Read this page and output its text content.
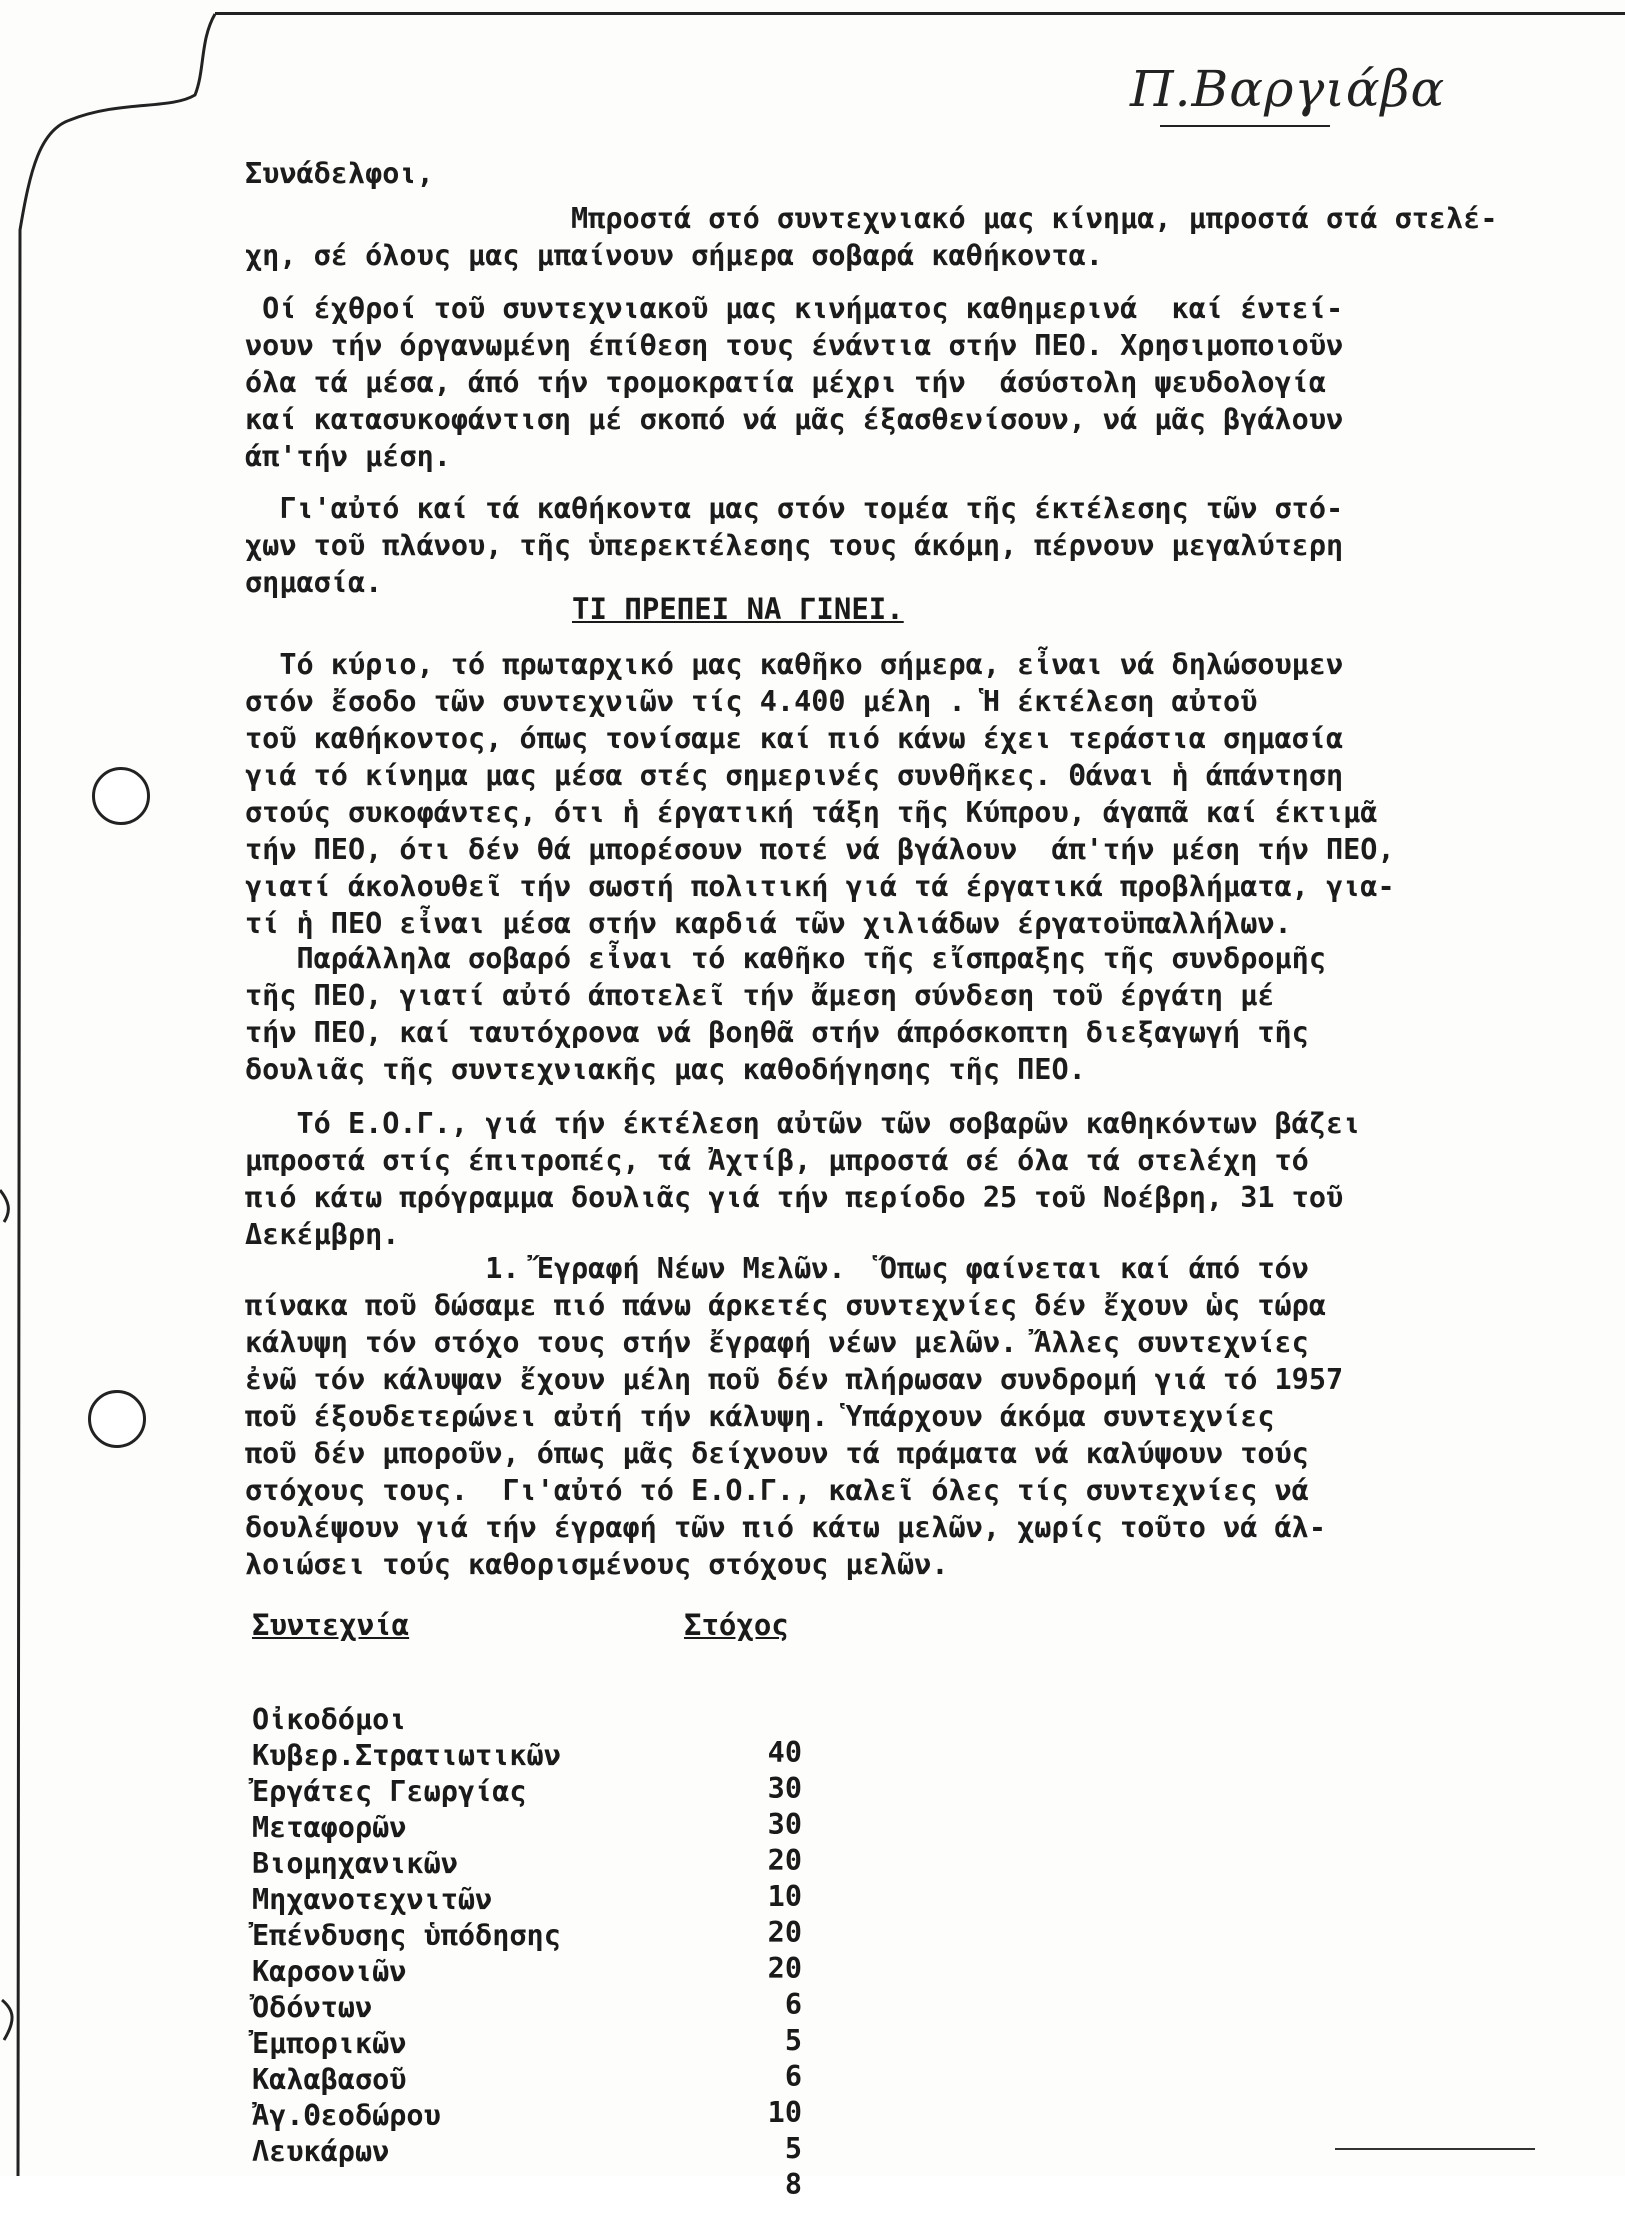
Π.Βαργιάβα
Συνάδελφοι,
Μπροστά στό συντεχνιακό μας κίνημα, μπροστά στά στελέ-
χη, σέ όλους μας μπαίνουν σήμερα σοβαρά καθήκοντα.
Οί έχθροί τοῦ συντεχνιακοῦ μας κινήματος καθημερινά  καί έντεί-
νουν τήν όργανωμένη έπίθεση τους ένάντια στήν ΠΕΟ. Χρησιμοποιοῦν
όλα τά μέσα, άπό τήν τρομοκρατία μέχρι τήν  άσύστολη ψευδολογία
καί κατασυκοφάντιση μέ σκοπό νά μᾶς έξασθενίσουν, νά μᾶς βγάλουν
άπ'τήν μέση.
Γι'αὐτό καί τά καθήκοντα μας στόν τομέα τῆς έκτέλεσης τῶν στό-
χων τοῦ πλάνου, τῆς ὑπερεκτέλεσης τους άκόμη, πέρνουν μεγαλύτερη
σημασία.
ΤΙ ΠΡΕΠΕΙ ΝΑ ΓΙΝΕΙ.
Τό κύριο, τό πρωταρχικό μας καθῆκο σήμερα, εἶναι νά δηλώσουμεν
στόν ἔσοδο τῶν συντεχνιῶν τίς 4.400 μέλη . Ἡ έκτέλεση αὐτοῦ
τοῦ καθήκοντος, όπως τονίσαμε καί πιό κάνω έχει τεράστια σημασία
γιά τό κίνημα μας μέσα στές σημερινές συνθῆκες. Θάναι ἡ άπάντηση
στούς συκοφάντες, ότι ἡ έργατική τάξη τῆς Κύπρου, άγαπᾶ καί έκτιμᾶ
τήν ΠΕΟ, ότι δέν θά μπορέσουν ποτέ νά βγάλουν  άπ'τήν μέση τήν ΠΕΟ,
γιατί άκολουθεῖ τήν σωστή πολιτική γιά τά έργατικά προβλήματα, για-
τί ἡ ΠΕΟ εἶναι μέσα στήν καρδιά τῶν χιλιάδων έργατοϋπαλλήλων.
Παράλληλα σοβαρό εἶναι τό καθῆκο τῆς εἴσπραξης τῆς συνδρομῆς
τῆς ΠΕΟ, γιατί αὐτό άποτελεῖ τήν ἄμεση σύνδεση τοῦ έργάτη μέ
τήν ΠΕΟ, καί ταυτόχρονα νά βοηθᾶ στήν άπρόσκοπτη διεξαγωγή τῆς
δουλιᾶς τῆς συντεχνιακῆς μας καθοδήγησης τῆς ΠΕΟ.
Τό Ε.Ο.Γ., γιά τήν έκτέλεση αὐτῶν τῶν σοβαρῶν καθηκόντων βάζει
μπροστά στίς έπιτροπές, τά Ἀχτίβ, μπροστά σέ όλα τά στελέχη τό
πιό κάτω πρόγραμμα δουλιᾶς γιά τήν περίοδο 25 τοῦ Νοέβρη, 31 τοῦ
Δεκέμβρη.
1. Ἔγραφή Νέων Μελῶν.  Ὅπως φαίνεται καί άπό τόν
πίνακα ποῦ δώσαμε πιό πάνω άρκετές συντεχνίες δέν ἔχουν ὡς τώρα
κάλυψη τόν στόχο τους στήν ἔγραφή νέων μελῶν. Ἄλλες συντεχνίες
ἐνῶ τόν κάλυψαν ἔχουν μέλη ποῦ δέν πλήρωσαν συνδρομή γιά τό 1957
ποῦ έξουδετερώνει αὐτή τήν κάλυψη. Ὑπάρχουν άκόμα συντεχνίες
ποῦ δέν μποροῦν, όπως μᾶς δείχνουν τά πράματα νά καλύψουν τούς
στόχους τους.  Γι'αὐτό τό Ε.Ο.Γ., καλεῖ όλες τίς συντεχνίες νά
δουλέψουν γιά τήν έγραφή τῶν πιό κάτω μελῶν, χωρίς τοῦτο νά άλ-
λοιώσει τούς καθορισμένους στόχους μελῶν.
Συντεχνία	Στόχος

Οἰκοδόμοι

40

Κυβερ.Στρατιωτικῶν

30

Ἐργάτες Γεωργίας

30

Μεταφορῶν

20

Βιομηχανικῶν

10

Μηχανοτεχνιτῶν

20

Ἐπένδυσης ὑπόδησης

20

Καρσονιῶν

6

Ὀδόντων

5

Ἐμπορικῶν

6

Καλαβασοῦ

10

Ἀγ.Θεοδώρου

5

Λευκάρων

8
